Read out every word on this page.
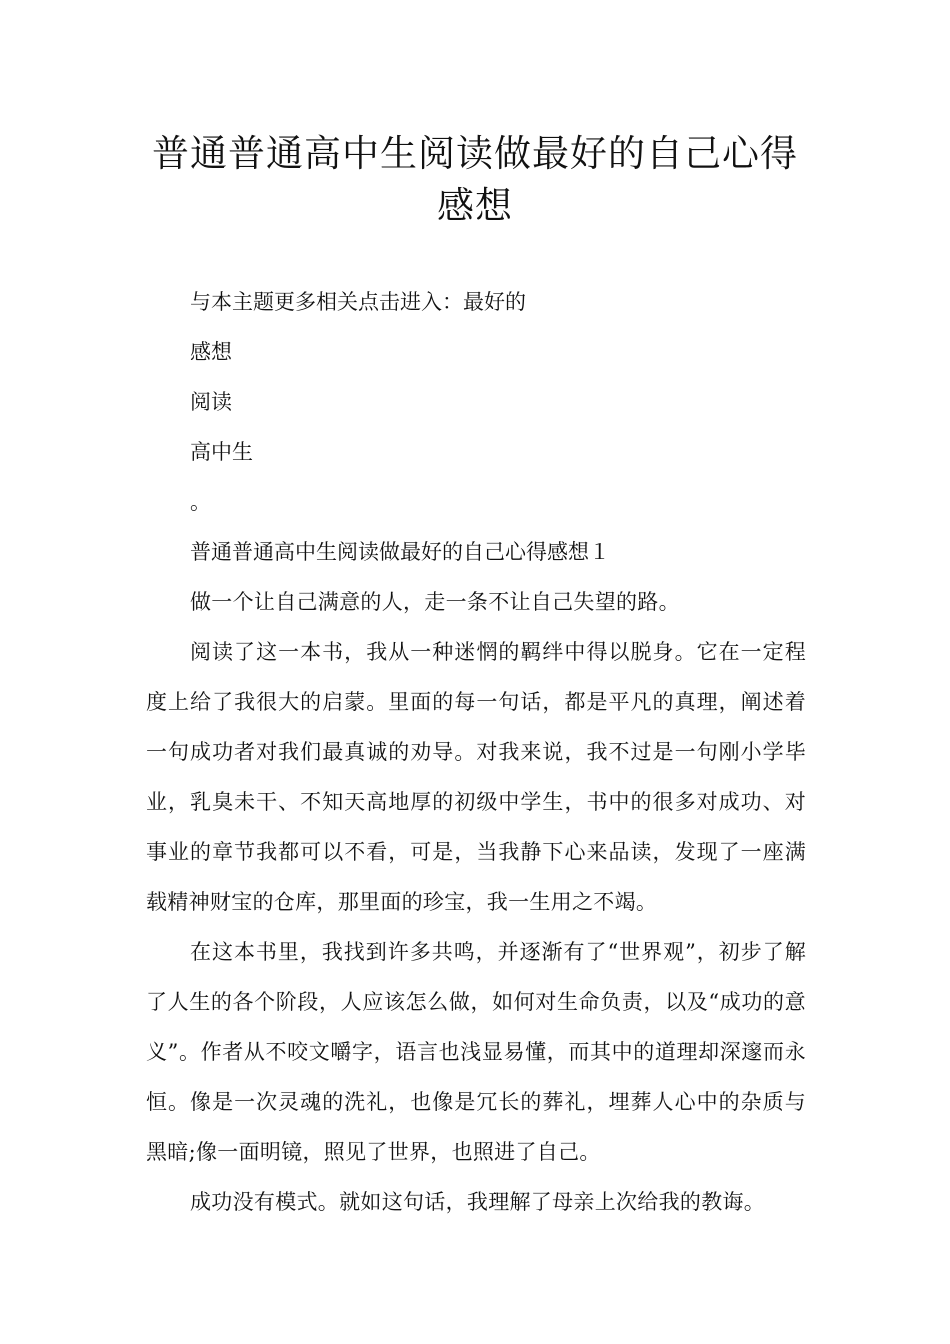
普通普通高中生阅读做最好的自己心得
感想

与本主题更多相关点击进入：最好的

感想

阅读

高中生

。

普通普通高中生阅读做最好的自己心得感想１

做一个让自己满意的人，走一条不让自己失望的路。

阅读了这一本书，我从一种迷惘的羁绊中得以脱身。它在一定程度上给了我很大的启蒙。里面的每一句话，都是平凡的真理，阐述着一句成功者对我们最真诚的劝导。对我来说，我不过是一句刚小学毕业，乳臭未干、不知天高地厚的初级中学生，书中的很多对成功、对事业的章节我都可以不看，可是，当我静下心来品读，发现了一座满载精神财宝的仓库，那里面的珍宝，我一生用之不竭。

在这本书里，我找到许多共鸣，并逐渐有了“世界观”，初步了解了人生的各个阶段，人应该怎么做，如何对生命负责，以及“成功的意义”。作者从不咬文嚼字，语言也浅显易懂，而其中的道理却深邃而永恒。像是一次灵魂的洗礼，也像是冗长的葬礼，埋葬人心中的杂质与黑暗;像一面明镜，照见了世界，也照进了自己。

成功没有模式。就如这句话，我理解了母亲上次给我的教诲。
